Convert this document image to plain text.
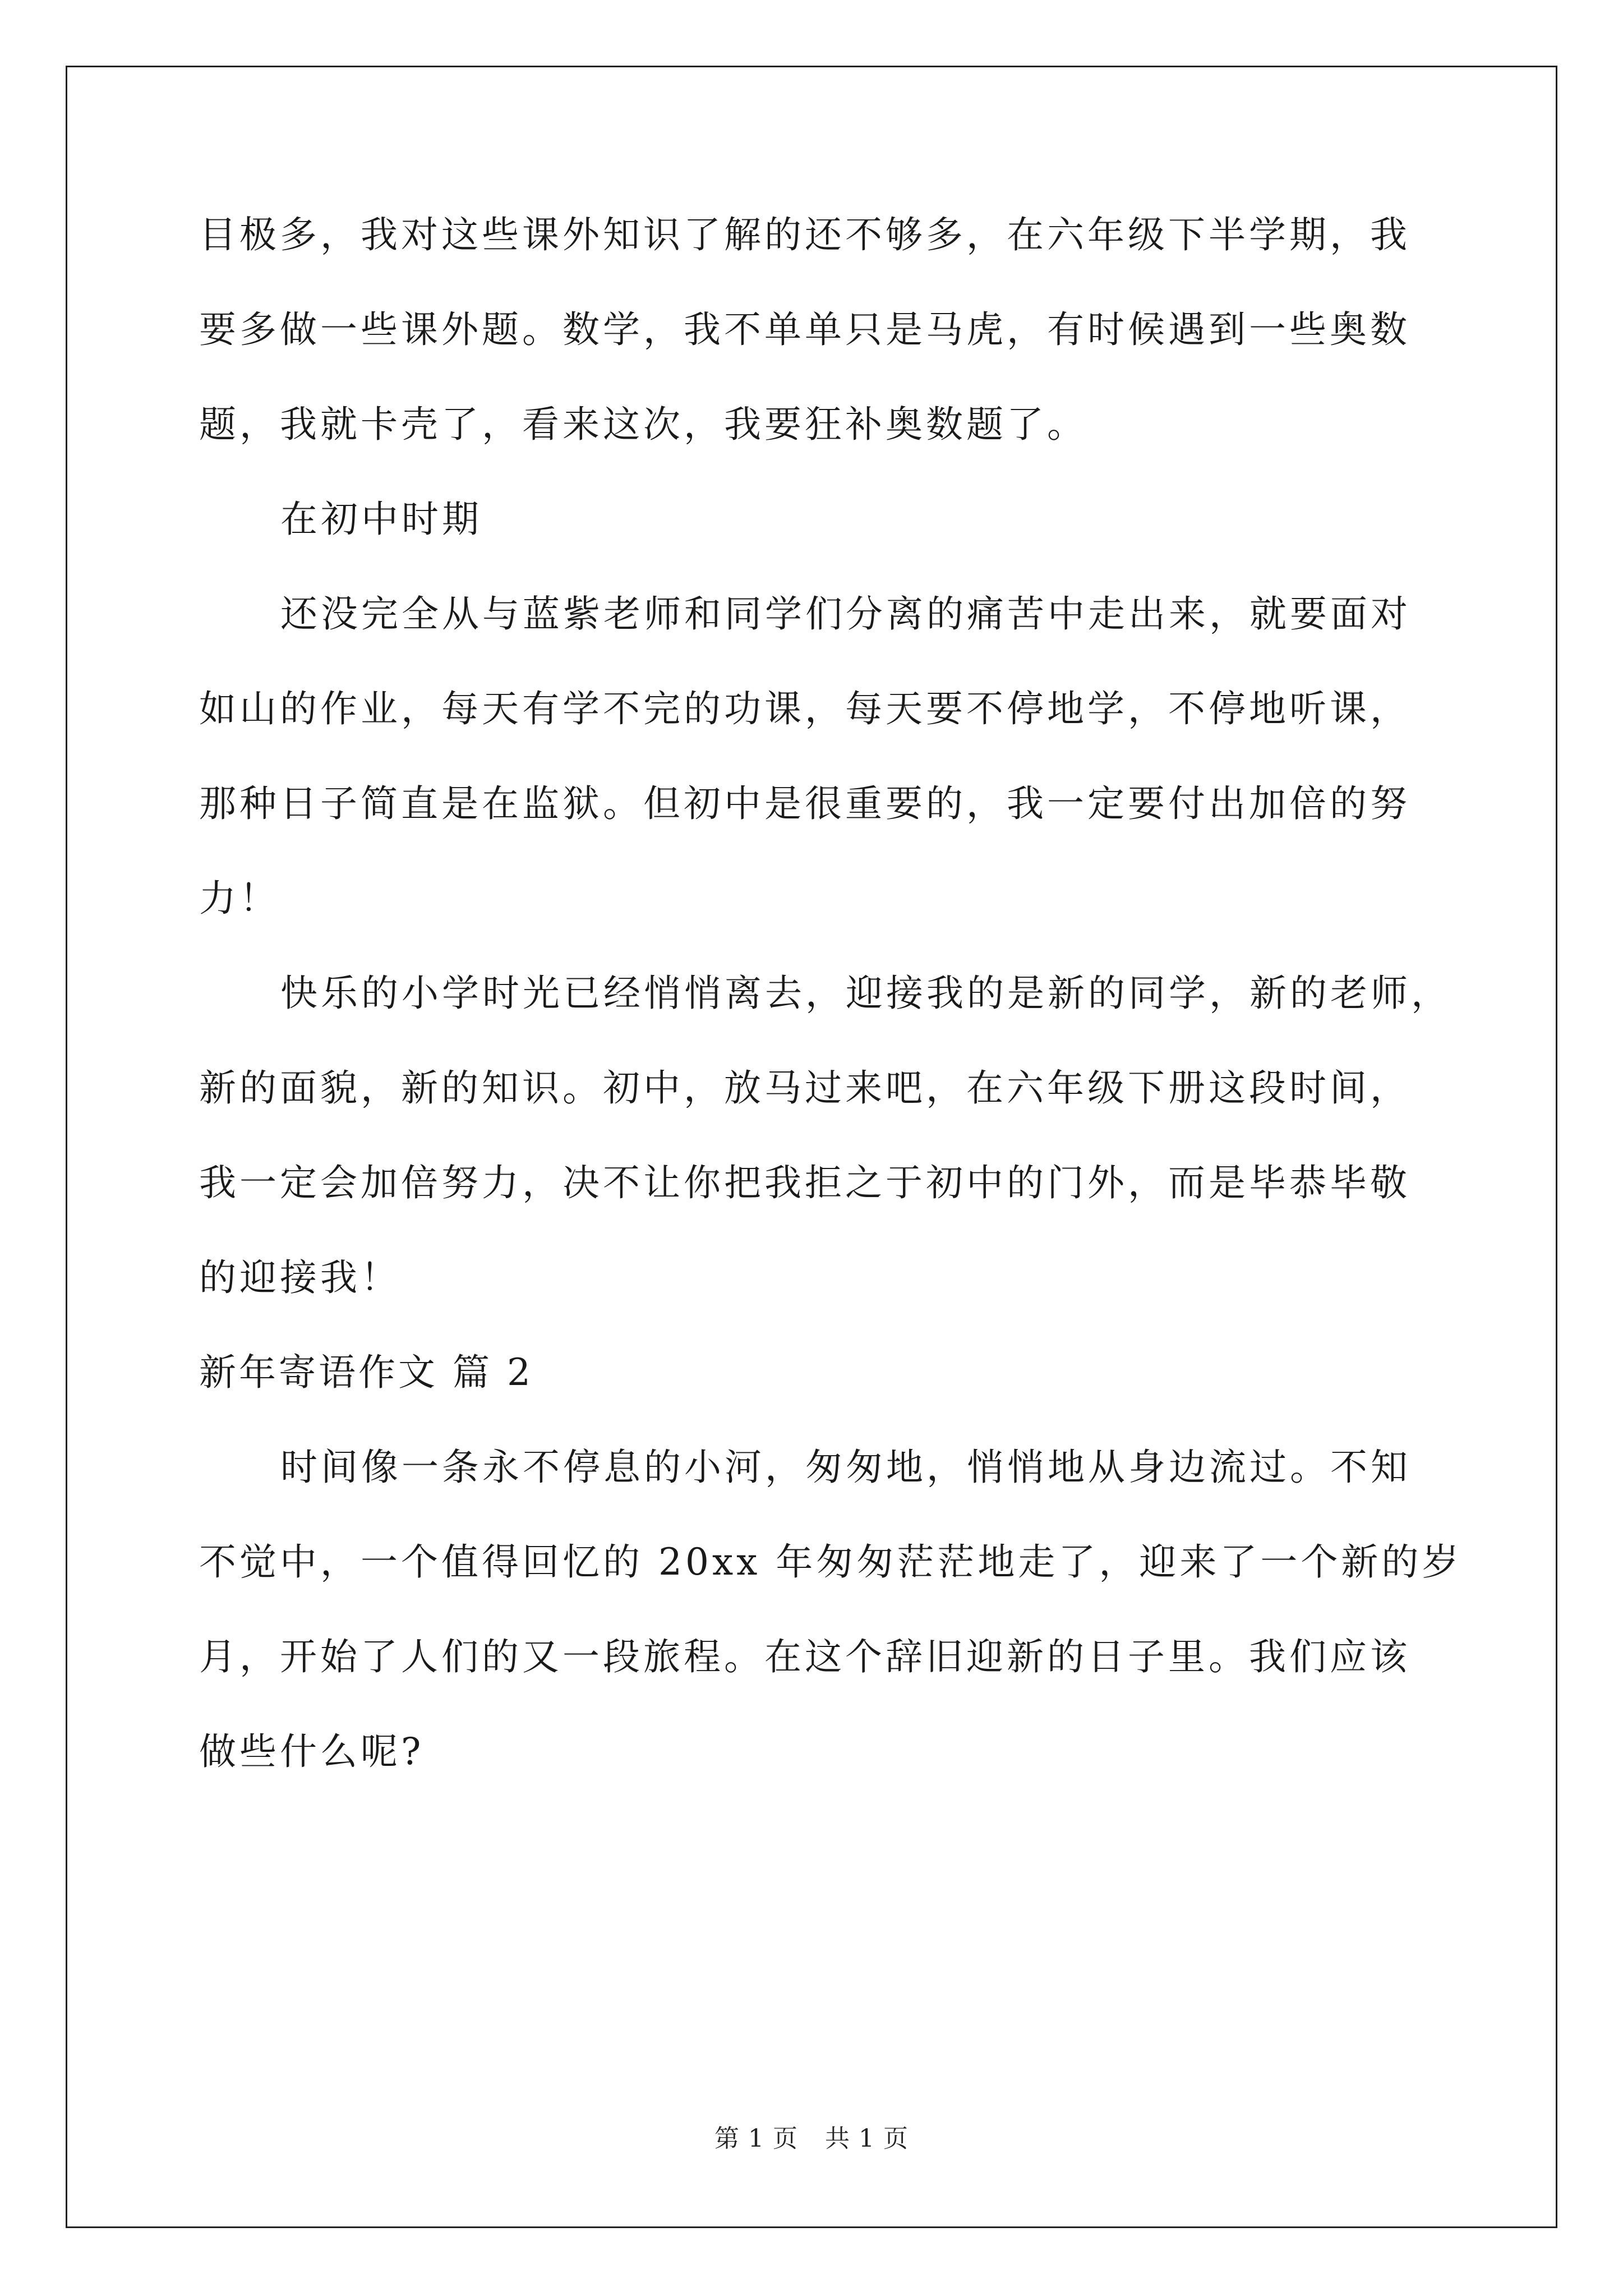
目极多，我对这些课外知识了解的还不够多，在六年级下半学期，我

要多做一些课外题。数学，我不单单只是马虎，有时候遇到一些奥数

题，我就卡壳了，看来这次，我要狂补奥数题了。

在初中时期

还没完全从与蓝紫老师和同学们分离的痛苦中走出来，就要面对

如山的作业，每天有学不完的功课，每天要不停地学，不停地听课，

那种日子简直是在监狱。但初中是很重要的，我一定要付出加倍的努

力！

快乐的小学时光已经悄悄离去，迎接我的是新的同学，新的老师，

新的面貌，新的知识。初中，放马过来吧，在六年级下册这段时间，

我一定会加倍努力，决不让你把我拒之于初中的门外，而是毕恭毕敬

的迎接我！

新年寄语作文 篇 2

时间像一条永不停息的小河，匆匆地，悄悄地从身边流过。不知

不觉中，一个值得回忆的 20xx 年匆匆茫茫地走了，迎来了一个新的岁

月，开始了人们的又一段旅程。在这个辞旧迎新的日子里。我们应该

做些什么呢?

第 1 页 共 1 页
